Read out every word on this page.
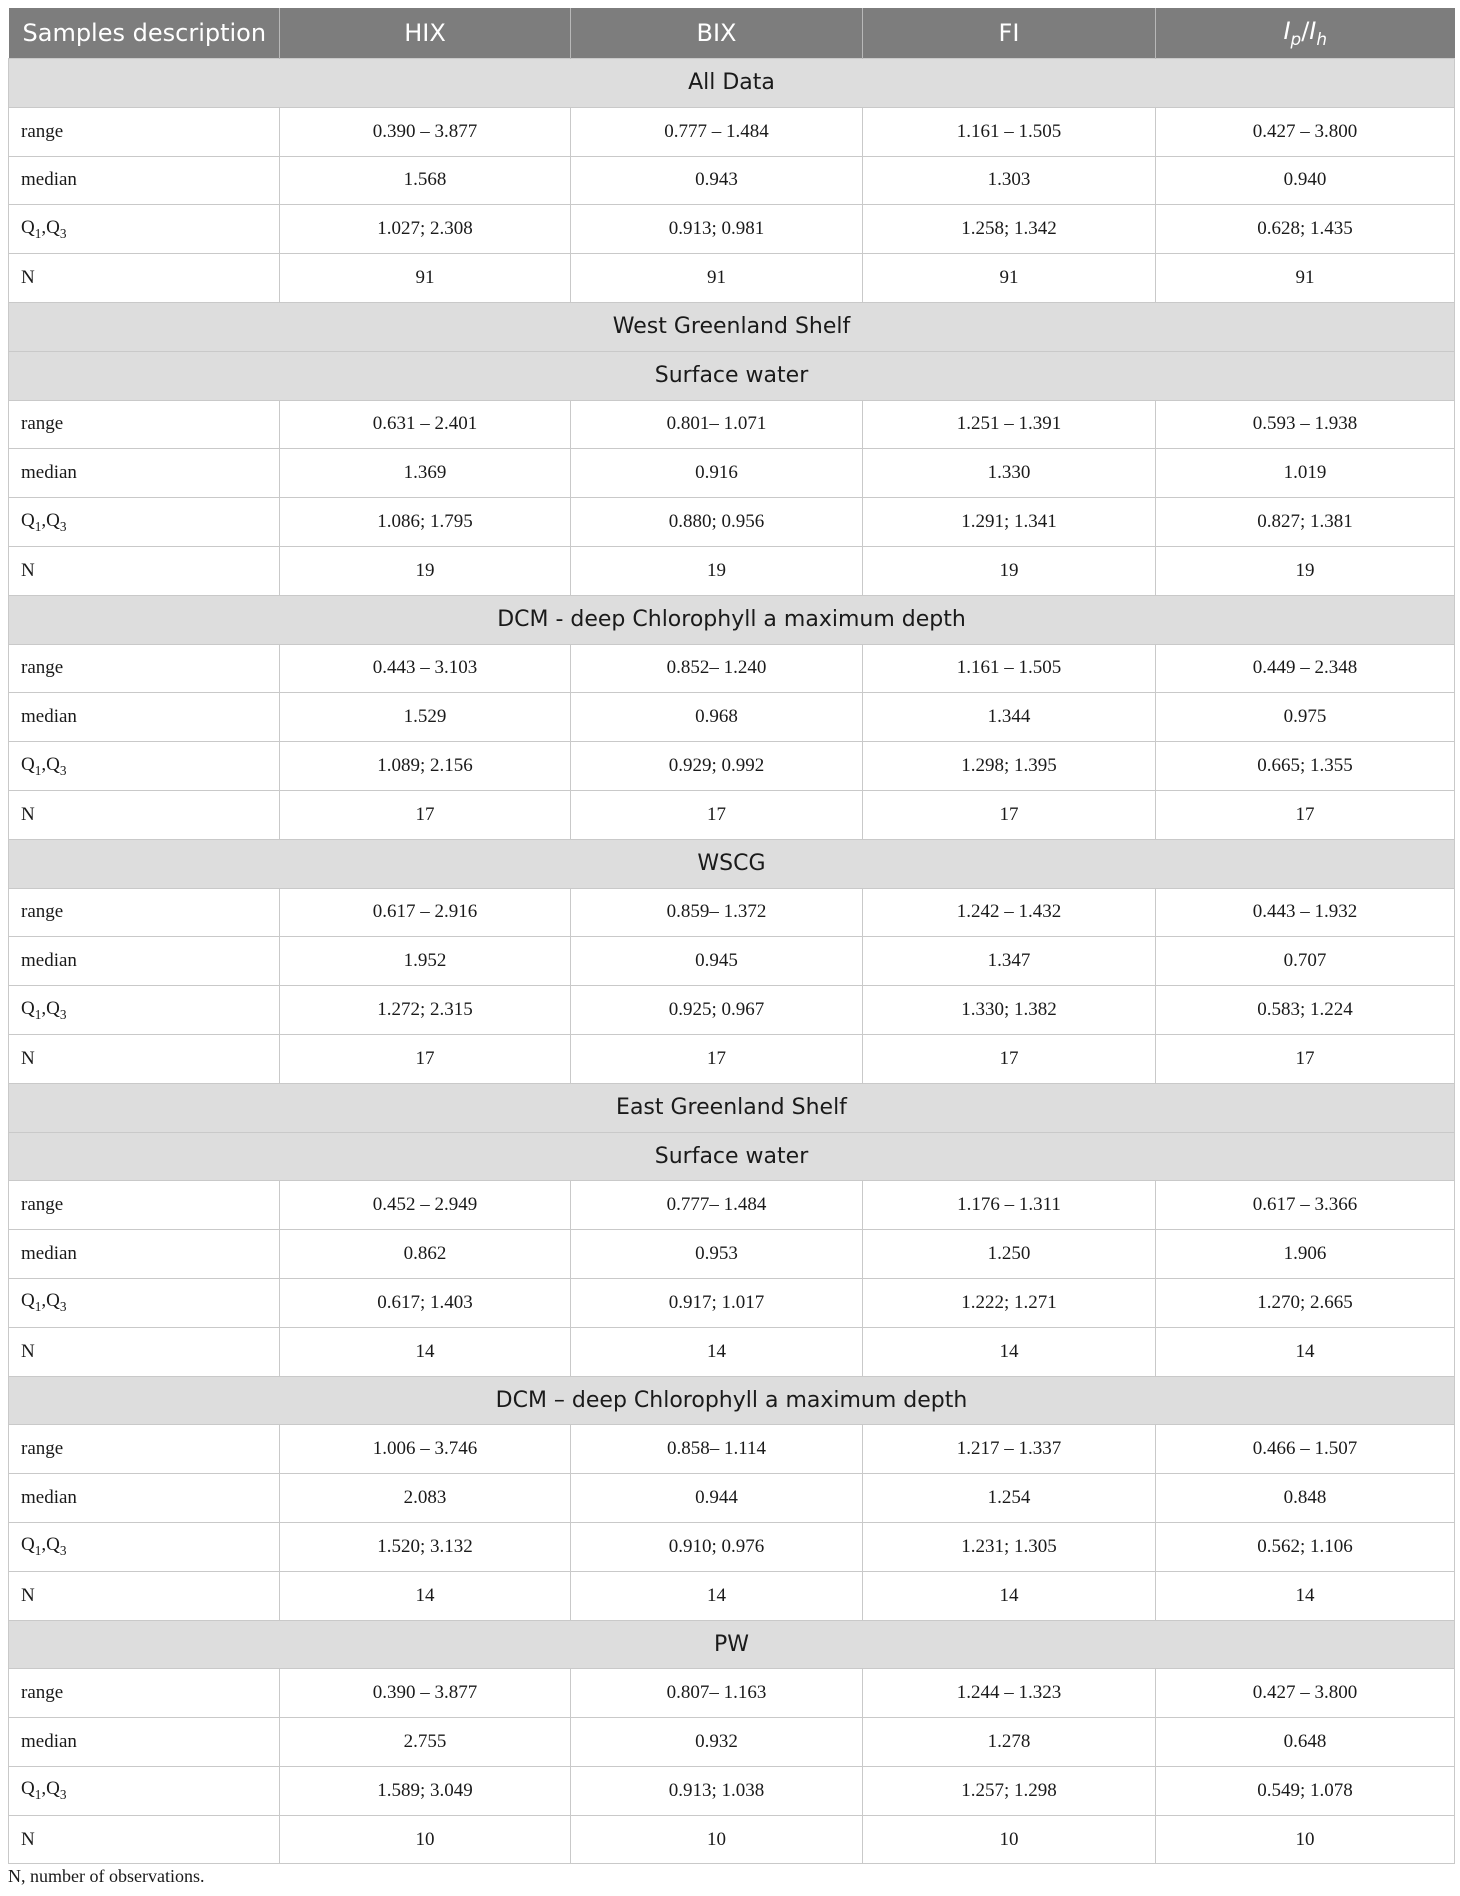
Samples description	HIX	BIX	FI	$I_p/I_h$
All Data				
range	0.390 – 3.877	0.777 – 1.484	1.161 – 1.505	0.427 – 3.800
median	1.568	0.943	1.303	0.940
$Q_1,Q_3$	1.027; 2.308	0.913; 0.981	1.258; 1.342	0.628; 1.435
N	91	91	91	91
West Greenland Shelf				
Surface water				
range	0.631 – 2.401	0.801– 1.071	1.251 – 1.391	0.593 – 1.938
median	1.369	0.916	1.330	1.019
$Q_1,Q_3$	1.086; 1.795	0.880; 0.956	1.291; 1.341	0.827; 1.381
N	19	19	19	19
DCM - deep Chlorophyll a maximum depth				
range	0.443 – 3.103	0.852– 1.240	1.161 – 1.505	0.449 – 2.348
median	1.529	0.968	1.344	0.975
$Q_1,Q_3$	1.089; 2.156	0.929; 0.992	1.298; 1.395	0.665; 1.355
N	17	17	17	17
WSCG				
range	0.617 – 2.916	0.859– 1.372	1.242 – 1.432	0.443 – 1.932
median	1.952	0.945	1.347	0.707
$Q_1,Q_3$	1.272; 2.315	0.925; 0.967	1.330; 1.382	0.583; 1.224
N	17	17	17	17
East Greenland Shelf				
Surface water				
range	0.452 – 2.949	0.777– 1.484	1.176 – 1.311	0.617 – 3.366
median	0.862	0.953	1.250	1.906
$Q_1,Q_3$	0.617; 1.403	0.917; 1.017	1.222; 1.271	1.270; 2.665
N	14	14	14	14
DCM – deep Chlorophyll a maximum depth				
range	1.006 – 3.746	0.858– 1.114	1.217 – 1.337	0.466 – 1.507
median	2.083	0.944	1.254	0.848
$Q_1,Q_3$	1.520; 3.132	0.910; 0.976	1.231; 1.305	0.562; 1.106
N	14	14	14	14
PW				
range	0.390 – 3.877	0.807– 1.163	1.244 – 1.323	0.427 – 3.800
median	2.755	0.932	1.278	0.648
$Q_1,Q_3$	1.589; 3.049	0.913; 1.038	1.257; 1.298	0.549; 1.078
N	10	10	10	10
N, number of observations.
